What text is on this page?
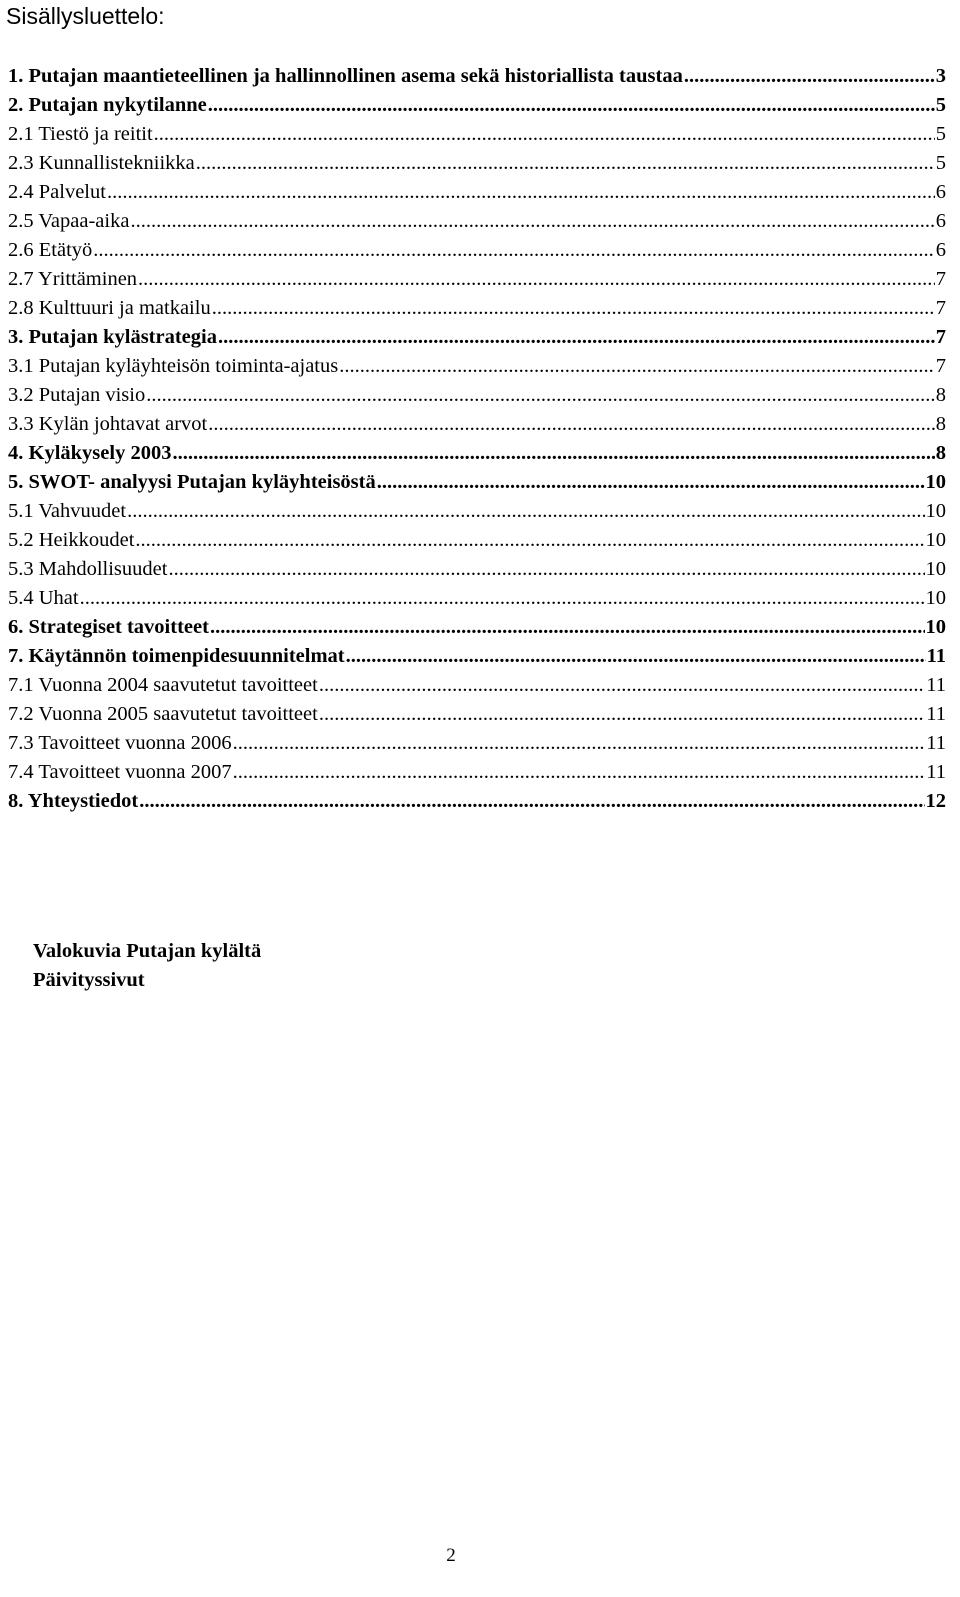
Sisällysluettelo:
1. Putajan maantieteellinen ja hallinnollinen asema sekä historiallista taustaa .....	3
2. Putajan nykytilanne .....	5
2.1 Tiestö ja reitit .....	5
2.3 Kunnallistekniikka .....	5
2.4 Palvelut .....	6
2.5 Vapaa-aika .....	6
2.6 Etätyö .....	6
2.7 Yrittäminen .....	7
2.8 Kulttuuri ja matkailu .....	7
3. Putajan kylästrategia .....	7
3.1 Putajan kyläyhteisön toiminta-ajatus .....	7
3.2 Putajan visio .....	8
3.3 Kylän johtavat arvot .....	8
4. Kyläkysely 2003 .....	8
5. SWOT- analyysi Putajan kyläyhteisöstä .....	10
5.1 Vahvuudet .....	10
5.2 Heikkoudet .....	10
5.3 Mahdollisuudet .....	10
5.4 Uhat .....	10
6. Strategiset tavoitteet .....	10
7. Käytännön toimenpidesuunnitelmat .....	11
7.1 Vuonna 2004 saavutetut tavoitteet .....	11
7.2 Vuonna 2005 saavutetut tavoitteet .....	11
7.3 Tavoitteet vuonna 2006 .....	11
7.4 Tavoitteet vuonna 2007 .....	11
8. Yhteystiedot .....	12
Valokuvia Putajan kylältä
Päivityssivut
2
